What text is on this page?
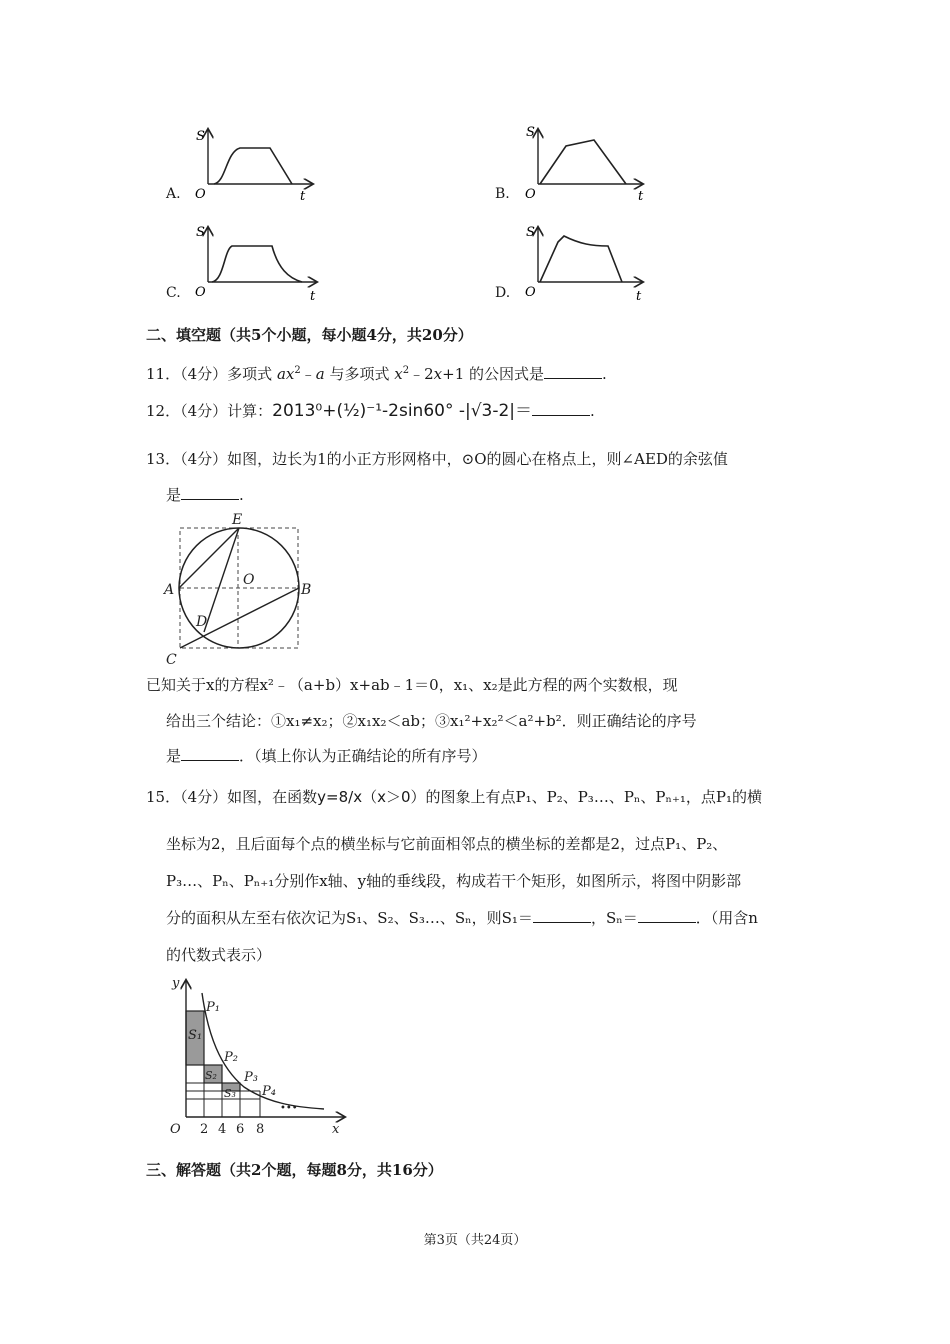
A.
S
O	t	B.
S
O	t
C.
S
O	t	D.
S
O	t
二、填空题（共5个小题，每小题4分，共20分）
11．（4分）多项式 $ax^2﹣a$ 与多项式 $x^2﹣2x+1$ 的公因式是	.
12．（4分）计算：2013⁰+(½)⁻¹-2sin60° -|√3-2|＝	.
13．（4分）如图，边长为1的小正方形网格中，⊙O的圆心在格点上，则∠AED的余弦值
是	.
E
A
O
B
D
C
已知关于x的方程x²﹣（a+b）x+ab﹣1＝0，x₁、x₂是此方程的两个实数根，现
给出三个结论：①x₁≠x₂；②x₁x₂＜ab；③x₁²+x₂²＜a²+b²．则正确结论的序号
是	．（填上你认为正确结论的所有序号）
15．（4分）如图，在函数y=8/x（x＞0）的图象上有点P₁、P₂、P₃…、Pₙ、Pₙ₊₁，点P₁的横
坐标为2，且后面每个点的横坐标与它前面相邻点的横坐标的差都是2，过点P₁、P₂、
P₃…、Pₙ、Pₙ₊₁分别作x轴、y轴的垂线段，构成若干个矩形，如图所示，将图中阴影部
分的面积从左至右依次记为S₁、S₂、S₃…、Sₙ，则S₁＝	，Sₙ＝	．（用含n
的代数式表示）
y
x
O 2 4 6 8
P₁
P₂
P₃
P₄
S₁
S₂
S₃
•••
三、解答题（共2个题，每题8分，共16分）
第3页（共24页）
